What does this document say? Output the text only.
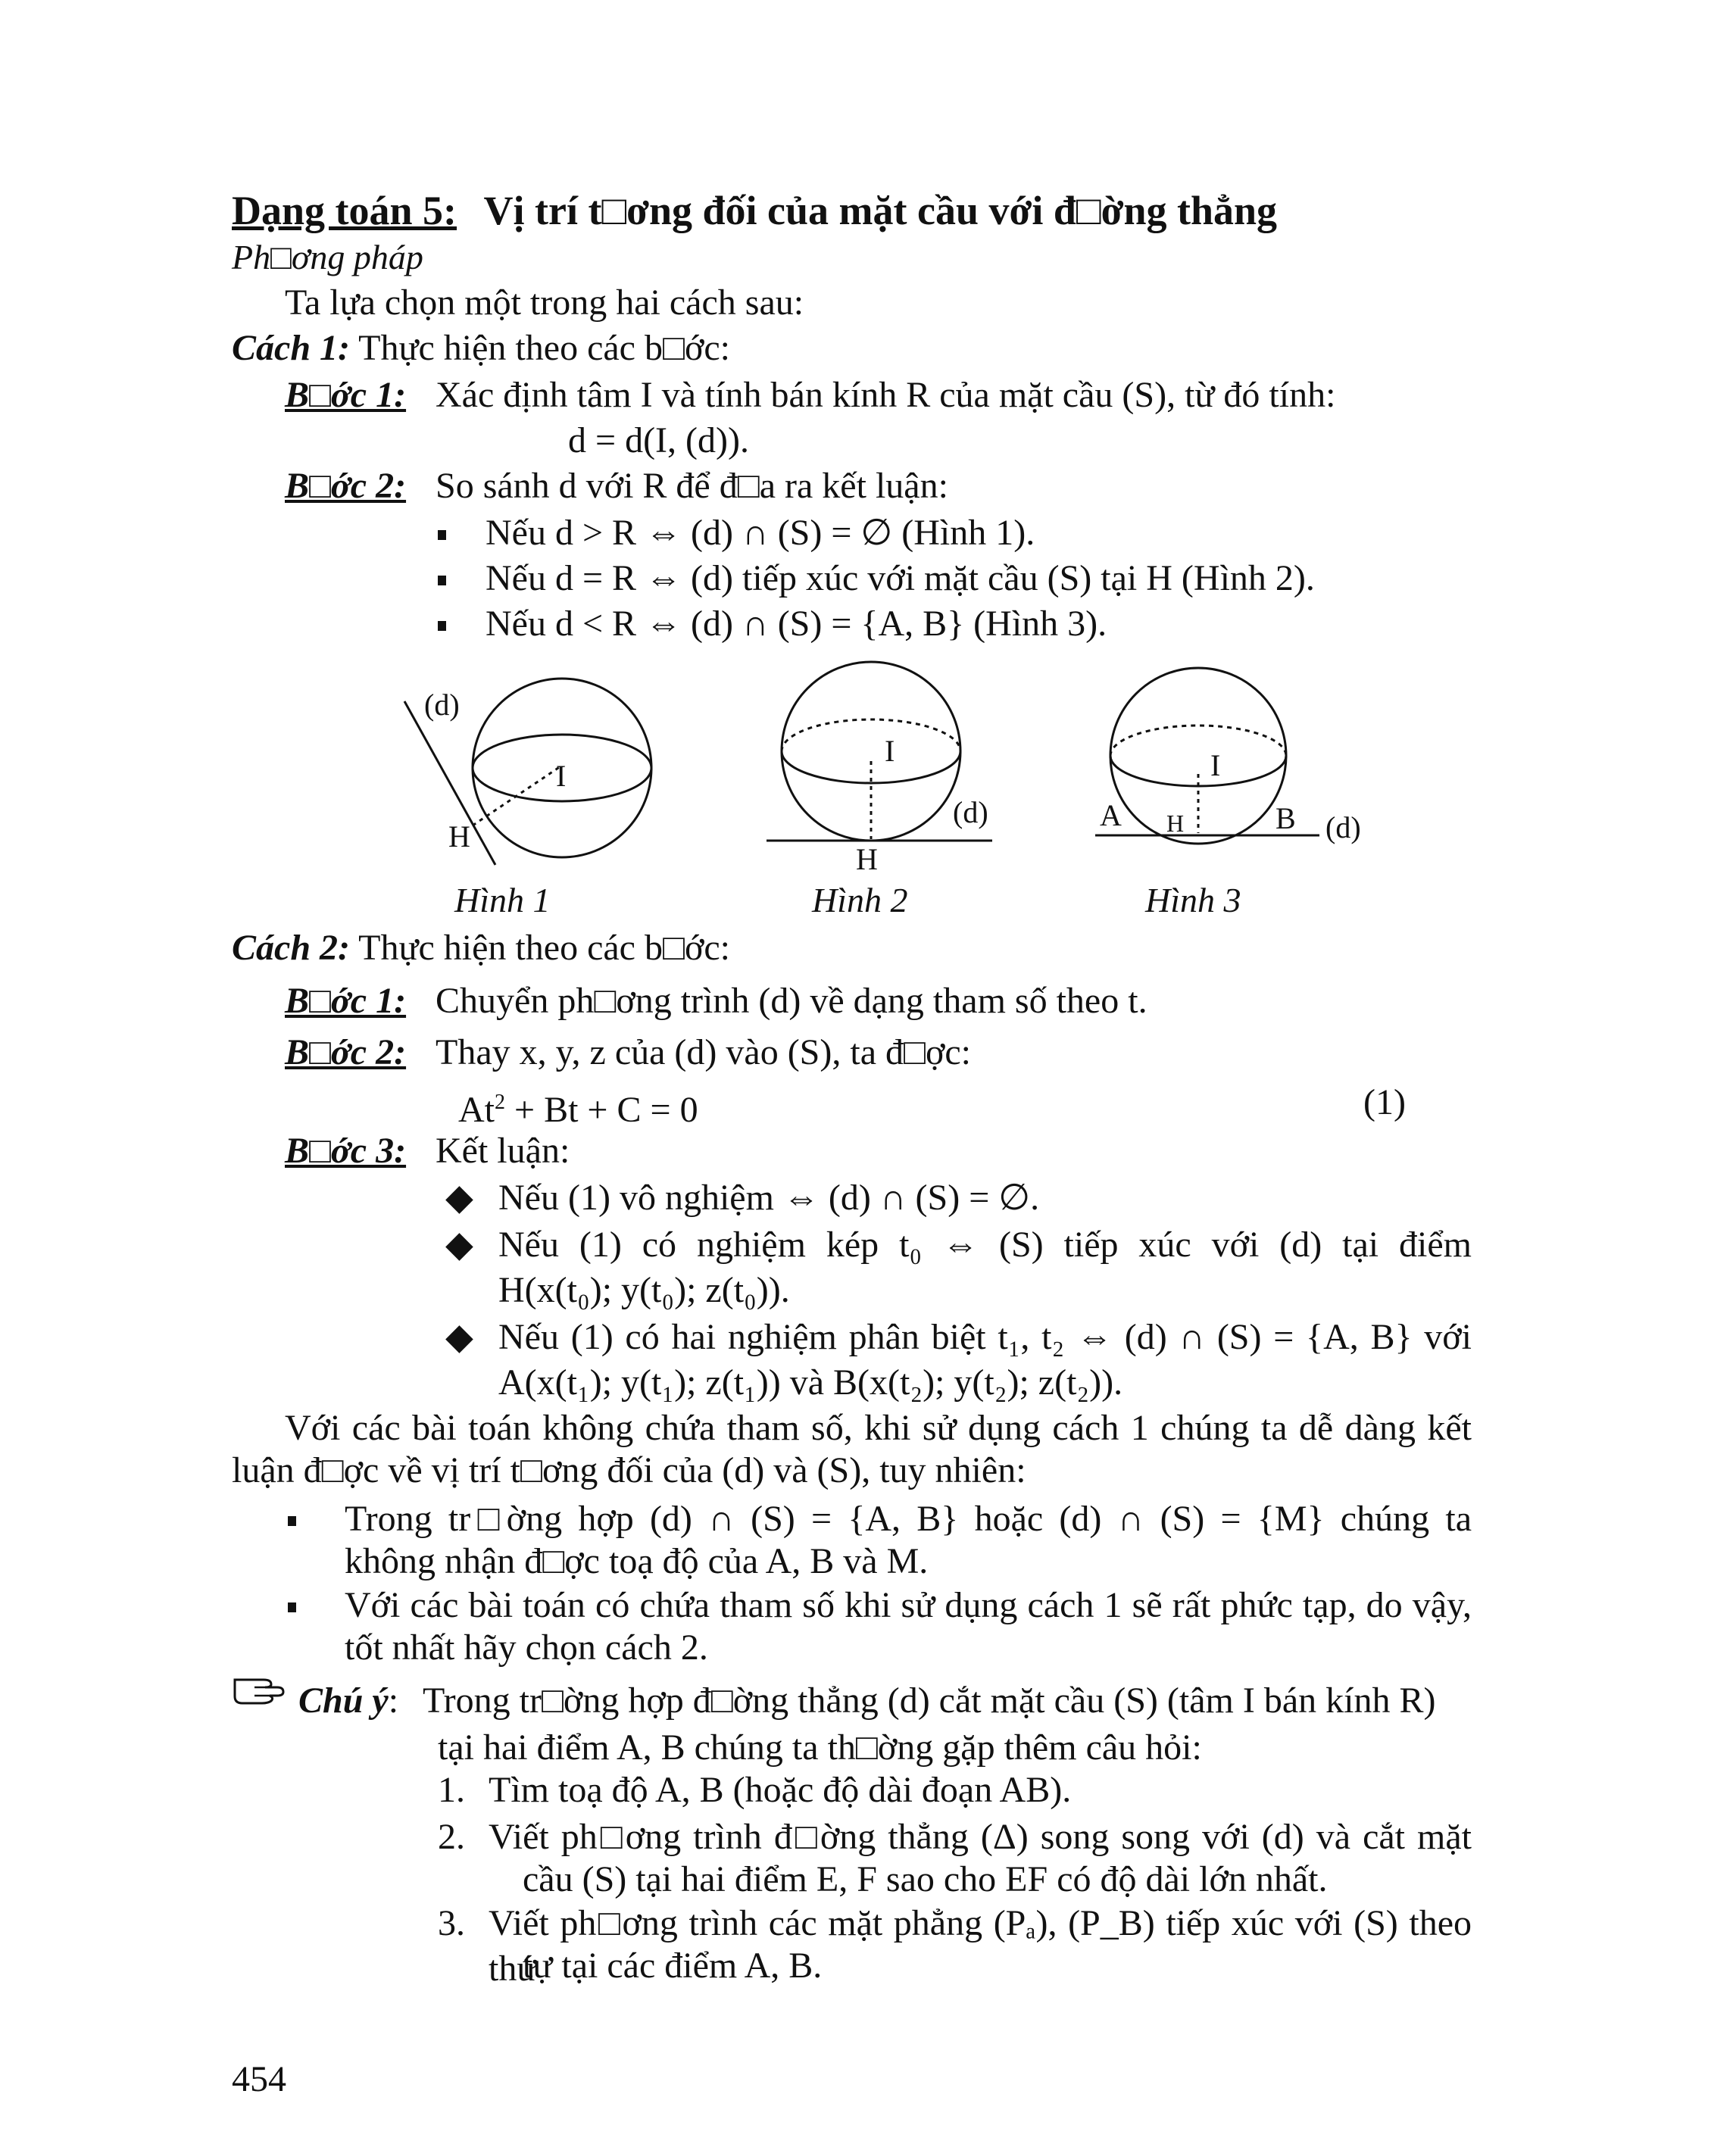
Dạng toán 5: Vị trí t□ơng đối của mặt cầu với đ□ờng thẳng
Ph□ơng pháp
Ta lựa chọn một trong hai cách sau:
Cách 1: Thực hiện theo các b□ớc:
B□ớc 1: Xác định tâm I và tính bán kính R của mặt cầu (S), từ đó tính:
d = d(I, (d)).
B□ớc 2: So sánh d với R để đ□a ra kết luận:
Nếu d > R ⇔ (d) ∩ (S) = ∅ (Hình 1).
Nếu d = R ⇔ (d) tiếp xúc với mặt cầu (S) tại H (Hình 2).
Nếu d < R ⇔ (d) ∩ (S) = {A, B} (Hình 3).
(d)
I
H
I
(d)
H
I
A H	B (d)
Hình 1	Hình 2	Hình 3
Cách 2: Thực hiện theo các b□ớc:
B□ớc 1: Chuyển ph□ơng trình (d) về dạng tham số theo t.
B□ớc 2: Thay x, y, z của (d) vào (S), ta đ□ợc:
$At^2 + Bt + C = 0$	(1)
B□ớc 3: Kết luận:
◆ Nếu (1) vô nghiệm ⇔ (d) ∩ (S) = ∅.
◆ Nếu (1) có nghiệm kép t₀ ⇔ (S) tiếp xúc với (d) tại điểm
H(x(t₀); y(t₀); z(t₀)).
◆ Nếu (1) có hai nghiệm phân biệt t₁, t₂ ⇔ (d) ∩ (S) = {A, B} với
A(x(t₁); y(t₁); z(t₁)) và B(x(t₂); y(t₂); z(t₂)).
Với các bài toán không chứa tham số, khi sử dụng cách 1 chúng ta dễ dàng kết
luận đ□ợc về vị trí t□ơng đối của (d) và (S), tuy nhiên:
Trong tr□ờng hợp (d) ∩ (S) = {A, B} hoặc (d) ∩ (S) = {M} chúng ta
không nhận đ□ợc toạ độ của A, B và M.
Với các bài toán có chứa tham số khi sử dụng cách 1 sẽ rất phức tạp, do vậy,
tốt nhất hãy chọn cách 2.
Chú ý: Trong tr□ờng hợp đ□ờng thẳng (d) cắt mặt cầu (S) (tâm I bán kính R)
tại hai điểm A, B chúng ta th□ờng gặp thêm câu hỏi:
1. Tìm toạ độ A, B (hoặc độ dài đoạn AB).
2. Viết ph□ơng trình đ□ờng thẳng (Δ) song song với (d) và cắt mặt
cầu (S) tại hai điểm E, F sao cho EF có độ dài lớn nhất.
3. Viết ph□ơng trình các mặt phẳng (Pₐ), (P_B) tiếp xúc với (S) theo thứ
tự tại các điểm A, B.
454
